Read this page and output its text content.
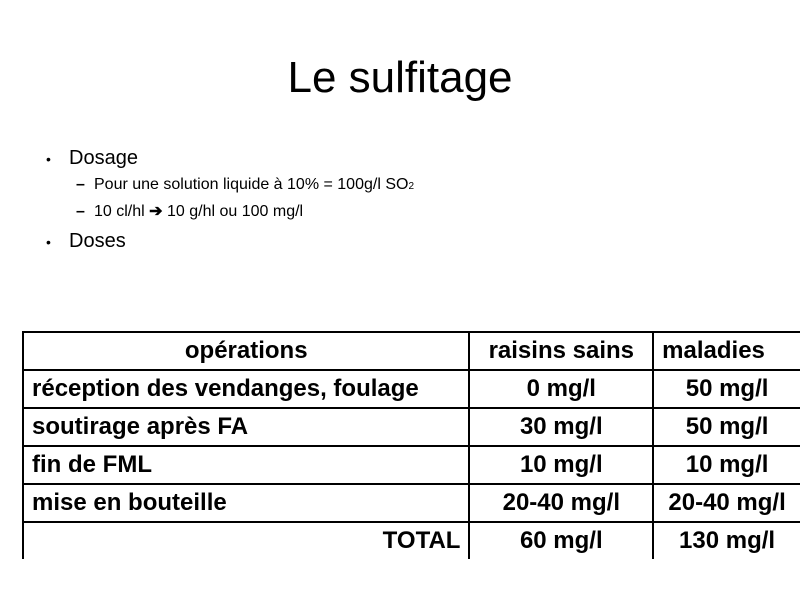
Le sulfitage
• Dosage
– Pour une solution liquide à 10% = 100g/l SO2
– 10 cl/hl ➔ 10 g/hl ou 100 mg/l
• Doses
opérations	raisins sains	maladies
réception des vendanges, foulage	0 mg/l	50 mg/l
soutirage après FA	30 mg/l	50 mg/l
fin de FML	10 mg/l	10 mg/l
mise en bouteille	20-40 mg/l	20-40 mg/l
TOTAL	60 mg/l	130 mg/l
